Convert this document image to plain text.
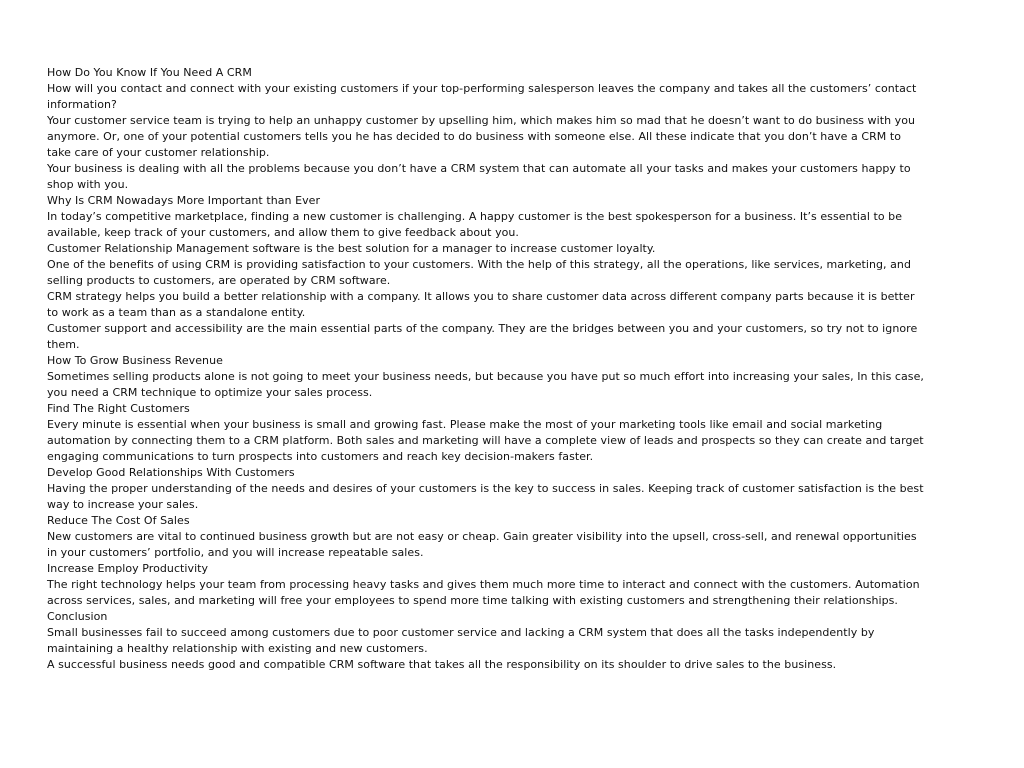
How Do You Know If You Need A CRM

How will you contact and connect with your existing customers if your top-performing salesperson leaves the company and takes all the customers’ contact information?

Your customer service team is trying to help an unhappy customer by upselling him, which makes him so mad that he doesn’t want to do business with you anymore. Or, one of your potential customers tells you he has decided to do business with someone else. All these indicate that you don’t have a CRM to take care of your customer relationship.

Your business is dealing with all the problems because you don’t have a CRM system that can automate all your tasks and makes your customers happy to shop with you.

Why Is CRM Nowadays More Important than Ever

In today’s competitive marketplace, finding a new customer is challenging. A happy customer is the best spokesperson for a business. It’s essential to be available, keep track of your customers, and allow them to give feedback about you.

Customer Relationship Management software is the best solution for a manager to increase customer loyalty.

One of the benefits of using CRM is providing satisfaction to your customers. With the help of this strategy, all the operations, like services, marketing, and selling products to customers, are operated by CRM software.

CRM strategy helps you build a better relationship with a company. It allows you to share customer data across different company parts because it is better to work as a team than as a standalone entity.

Customer support and accessibility are the main essential parts of the company. They are the bridges between you and your customers, so try not to ignore them.

How To Grow Business Revenue

Sometimes selling products alone is not going to meet your business needs, but because you have put so much effort into increasing your sales, In this case, you need a CRM technique to optimize your sales process.

Find The Right Customers

Every minute is essential when your business is small and growing fast. Please make the most of your marketing tools like email and social marketing automation by connecting them to a CRM platform. Both sales and marketing will have a complete view of leads and prospects so they can create and target engaging communications to turn prospects into customers and reach key decision-makers faster.

Develop Good Relationships With Customers

Having the proper understanding of the needs and desires of your customers is the key to success in sales. Keeping track of customer satisfaction is the best way to increase your sales.

Reduce The Cost Of Sales

New customers are vital to continued business growth but are not easy or cheap. Gain greater visibility into the upsell, cross-sell, and renewal opportunities in your customers’ portfolio, and you will increase repeatable sales.

Increase Employ Productivity

The right technology helps your team from processing heavy tasks and gives them much more time to interact and connect with the customers. Automation across services, sales, and marketing will free your employees to spend more time talking with existing customers and strengthening their relationships.

Conclusion

Small businesses fail to succeed among customers due to poor customer service and lacking a CRM system that does all the tasks independently by maintaining a healthy relationship with existing and new customers.

A successful business needs good and compatible CRM software that takes all the responsibility on its shoulder to drive sales to the business.
